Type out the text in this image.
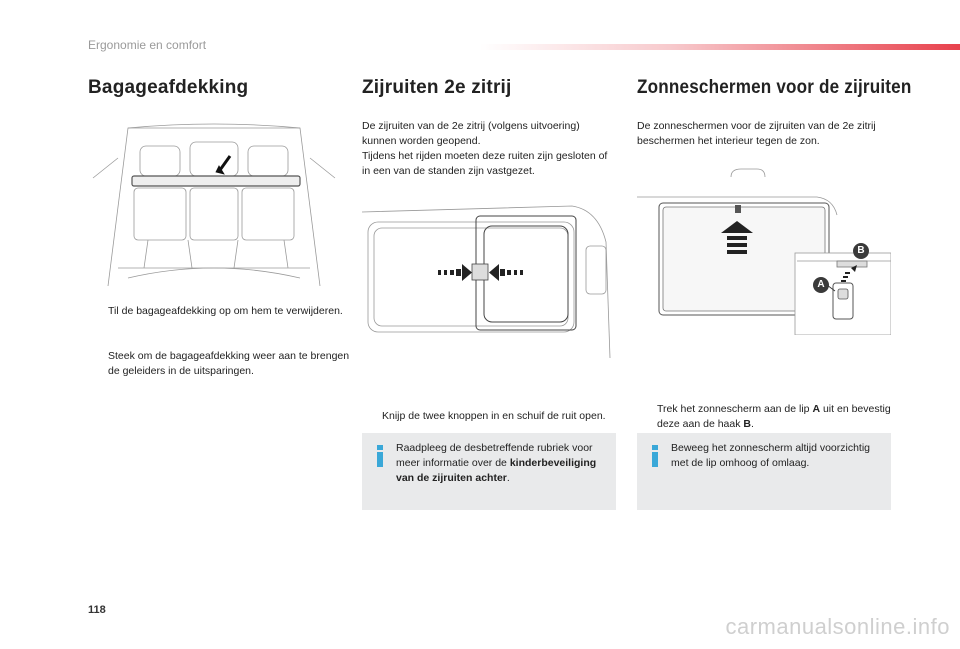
Ergonomie en comfort
Bagageafdekking
Til de bagageafdekking op om hem te verwijderen.
Steek om de bagageafdekking weer aan te brengen de geleiders in de uitsparingen.
Zijruiten 2e zitrij
De zijruiten van de 2e zitrij (volgens uitvoering) kunnen worden geopend.
Tijdens het rijden moeten deze ruiten zijn gesloten of in een van de standen zijn vastgezet.
Knijp de twee knoppen in en schuif de ruit open.
Raadpleeg de desbetreffende rubriek voor meer informatie over de kinderbeveiliging van de zijruiten achter.
Zonneschermen voor de zijruiten
De zonneschermen voor de zijruiten van de 2e zitrij beschermen het interieur tegen de zon.
B
A
Trek het zonnescherm aan de lip A uit en bevestig deze aan de haak B.
Beweeg het zonnescherm altijd voorzichtig met de lip omhoog of omlaag.
118
carmanualsonline.info
